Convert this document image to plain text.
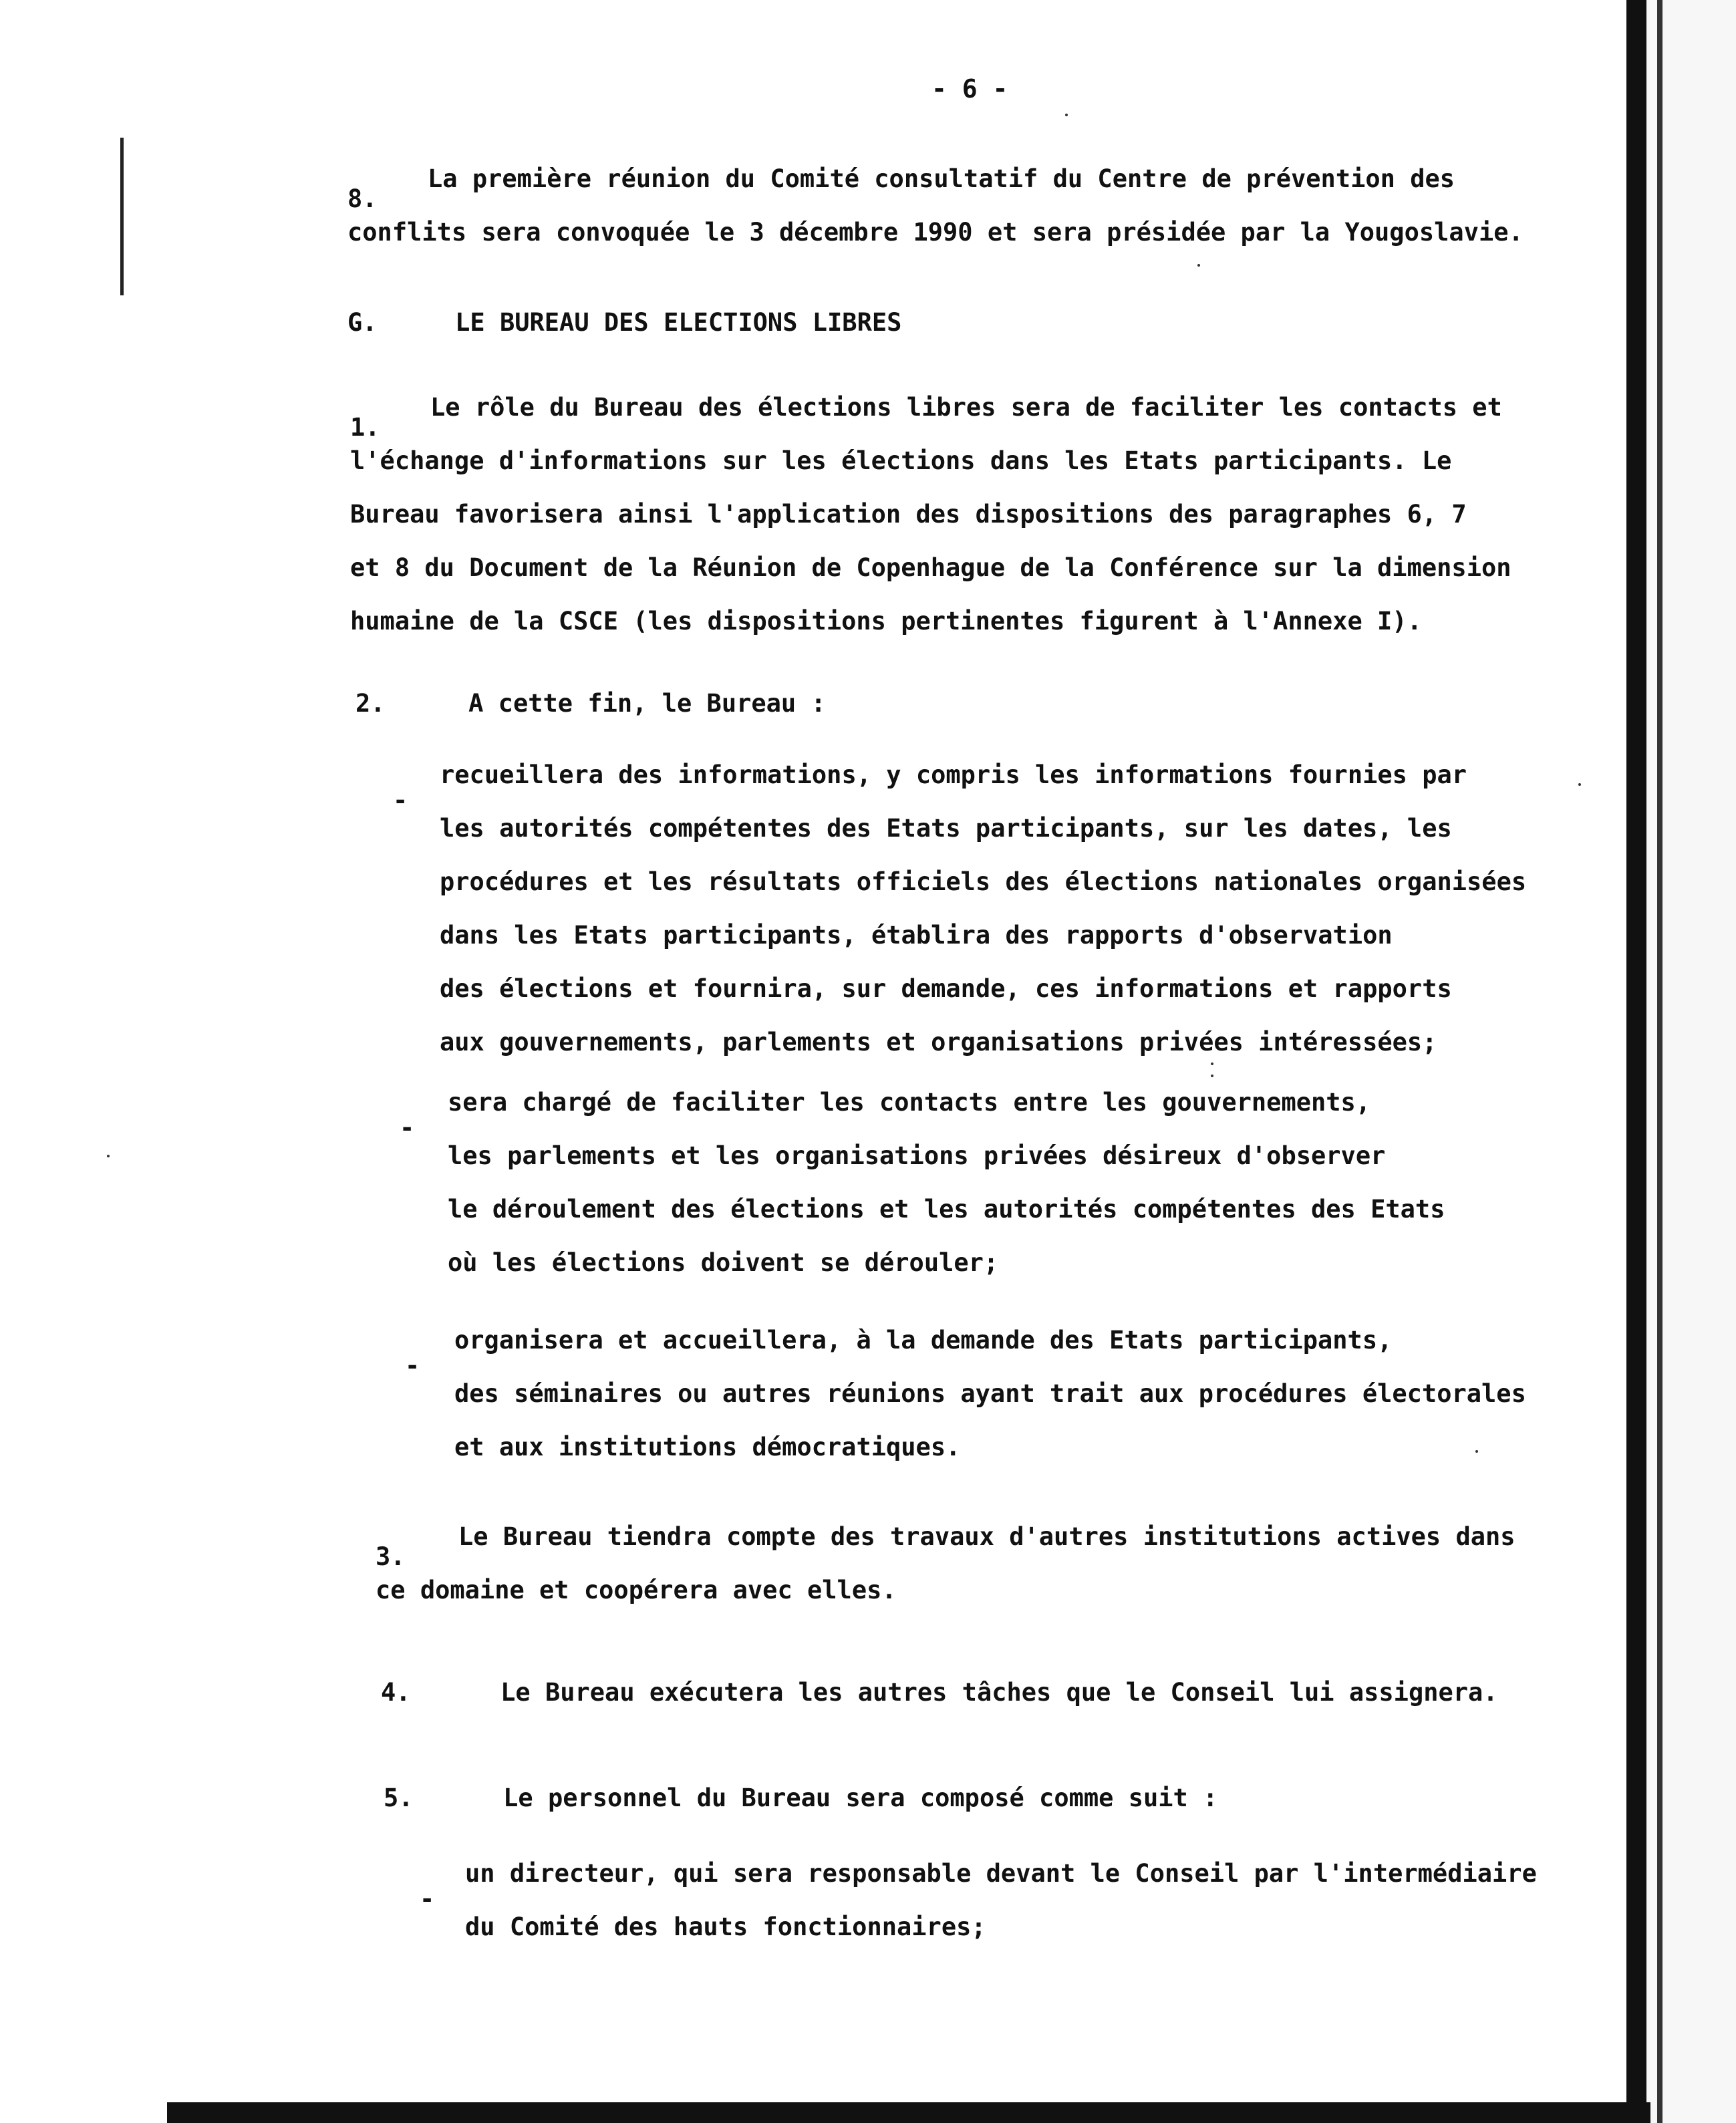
- 6 -
8.
La première réunion du Comité consultatif du Centre de prévention des
conflits sera convoquée le 3 décembre 1990 et sera présidée par la Yougoslavie.
G.	LE BUREAU DES ELECTIONS LIBRES
1.
Le rôle du Bureau des élections libres sera de faciliter les contacts et
l'échange d'informations sur les élections dans les Etats participants. Le
Bureau favorisera ainsi l'application des dispositions des paragraphes 6, 7
et 8 du Document de la Réunion de Copenhague de la Conférence sur la dimension
humaine de la CSCE (les dispositions pertinentes figurent à l'Annexe I).
2.	A cette fin, le Bureau :
-
recueillera des informations, y compris les informations fournies par
les autorités compétentes des Etats participants, sur les dates, les
procédures et les résultats officiels des élections nationales organisées
dans les Etats participants, établira des rapports d'observation
des élections et fournira, sur demande, ces informations et rapports
aux gouvernements, parlements et organisations privées intéressées;
-
sera chargé de faciliter les contacts entre les gouvernements,
les parlements et les organisations privées désireux d'observer
le déroulement des élections et les autorités compétentes des Etats
où les élections doivent se dérouler;
-
organisera et accueillera, à la demande des Etats participants,
des séminaires ou autres réunions ayant trait aux procédures électorales
et aux institutions démocratiques.
3.
Le Bureau tiendra compte des travaux d'autres institutions actives dans
ce domaine et coopérera avec elles.
4.	Le Bureau exécutera les autres tâches que le Conseil lui assignera.
5.	Le personnel du Bureau sera composé comme suit :
-
un directeur, qui sera responsable devant le Conseil par l'intermédiaire
du Comité des hauts fonctionnaires;
